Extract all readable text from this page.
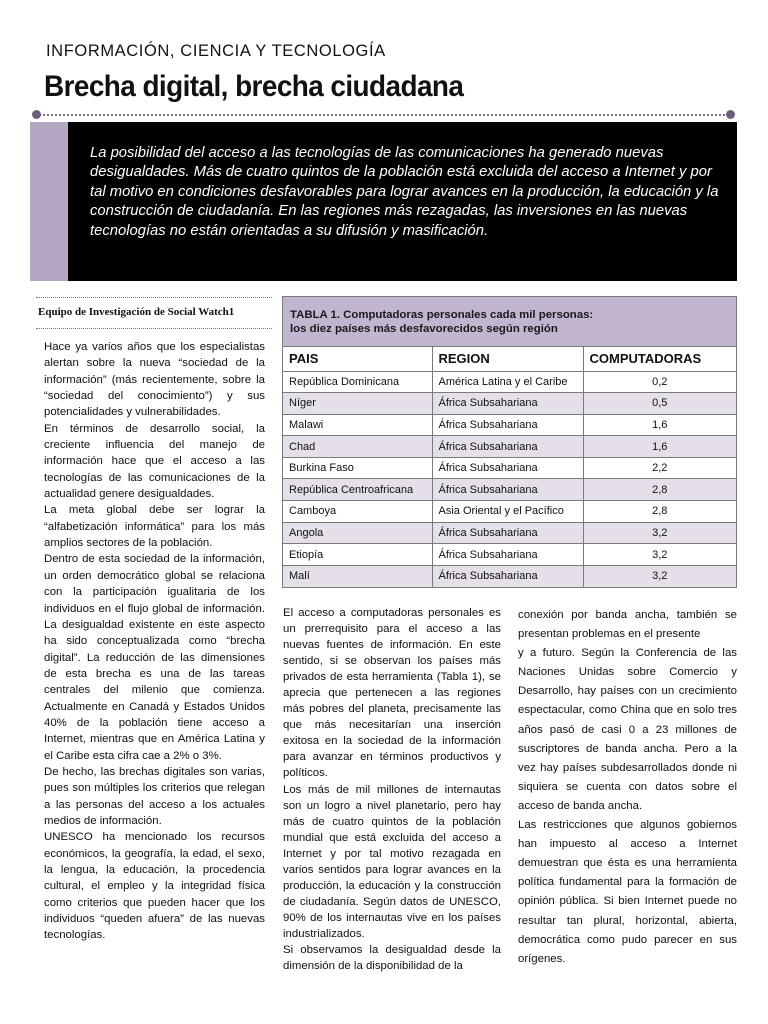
INFORMACIÓN, CIENCIA Y TECNOLOGÍA
Brecha digital, brecha ciudadana

La posibilidad del acceso a las tecnologías de las comunicaciones ha generado nuevas desigualdades. Más de cuatro quintos de la población está excluida del acceso a Internet y por tal motivo en condiciones desfavorables para lograr avances en la producción, la educación y la construcción de ciudadanía. En las regiones más rezagadas, las inversiones en las nuevas tecnologías no están orientadas a su difusión y masificación.

Equipo de Investigación de Social Watch1

Hace ya varios años que los especialistas alertan sobre la nueva “sociedad de la información” (más recientemente, sobre la “sociedad del conocimiento”) y sus potencialidades y vulnerabilidades.

En términos de desarrollo social, la creciente influencia del manejo de información hace que el acceso a las tecnologías de las comunicaciones de la actualidad genere desigualdades.

La meta global debe ser lograr la “alfabetización informática” para los más amplios sectores de la población.

Dentro de esta sociedad de la información, un orden democrático global se relaciona con la participación igualitaria de los individuos en el flujo global de información. La desigualdad existente en este aspecto ha sido conceptualizada como “brecha digital”. La reducción de las dimensiones de esta brecha es una de las tareas centrales del milenio que comienza. Actualmente en Canadá y Estados Unidos 40% de la población tiene acceso a Internet, mientras que en América Latina y el Caribe esta cifra cae a 2% o 3%.

De hecho, las brechas digitales son varias, pues son múltiples los criterios que relegan a las personas del acceso a los actuales medios de información.

UNESCO ha mencionado los recursos económicos, la geografía, la edad, el sexo, la lengua, la educación, la procedencia cultural, el empleo y la integridad física como criterios que pueden hacer que los individuos “queden afuera” de las nuevas tecnologías.

TABLA 1. Computadoras personales cada mil personas:
los diez países más desfavorecidos según región
PAIS	REGION	COMPUTADORAS
República Dominicana	América Latina y el Caribe	0,2
Níger	África Subsahariana	0,5
Malawi	África Subsahariana	1,6
Chad	África Subsahariana	1,6
Burkina Faso	África Subsahariana	2,2
República Centroafricana	África Subsahariana	2,8
Camboya	Asia Oriental y el Pacífico	2,8
Angola	África Subsahariana	3,2
Etiopía	África Subsahariana	3,2
Malí	África Subsahariana	3,2

El acceso a computadoras personales es un prerrequisito para el acceso a las nuevas fuentes de información. En este sentido, si se observan los países más privados de esta herramienta (Tabla 1), se aprecia que pertenecen a las regiones más pobres del planeta, precisamente las que más necesitarían una inserción exitosa en la sociedad de la información para avanzar en términos productivos y políticos.

Los más de mil millones de internautas son un logro a nivel planetario, pero hay más de cuatro quintos de la población mundial que está excluida del acceso a Internet y por tal motivo rezagada en varios sentidos para lograr avances en la producción, la educación y la construcción de ciudadanía. Según datos de UNESCO, 90% de los internautas vive en los países industrializados.

Si observamos la desigualdad desde la dimensión de la disponibilidad de la

conexión por banda ancha, también se presentan problemas en el presente

y a futuro. Según la Conferencia de las Naciones Unidas sobre Comercio y Desarrollo, hay países con un crecimiento espectacular, como China que en solo tres años pasó de casi 0 a 23 millones de suscriptores de banda ancha. Pero a la vez hay países subdesarrollados donde ni siquiera se cuenta con datos sobre el acceso de banda ancha.

Las restricciones que algunos gobiernos han impuesto al acceso a Internet demuestran que ésta es una herramienta política fundamental para la formación de opinión pública. Si bien Internet puede no resultar tan plural, horizontal, abierta, democrática como pudo parecer en sus orígenes.
